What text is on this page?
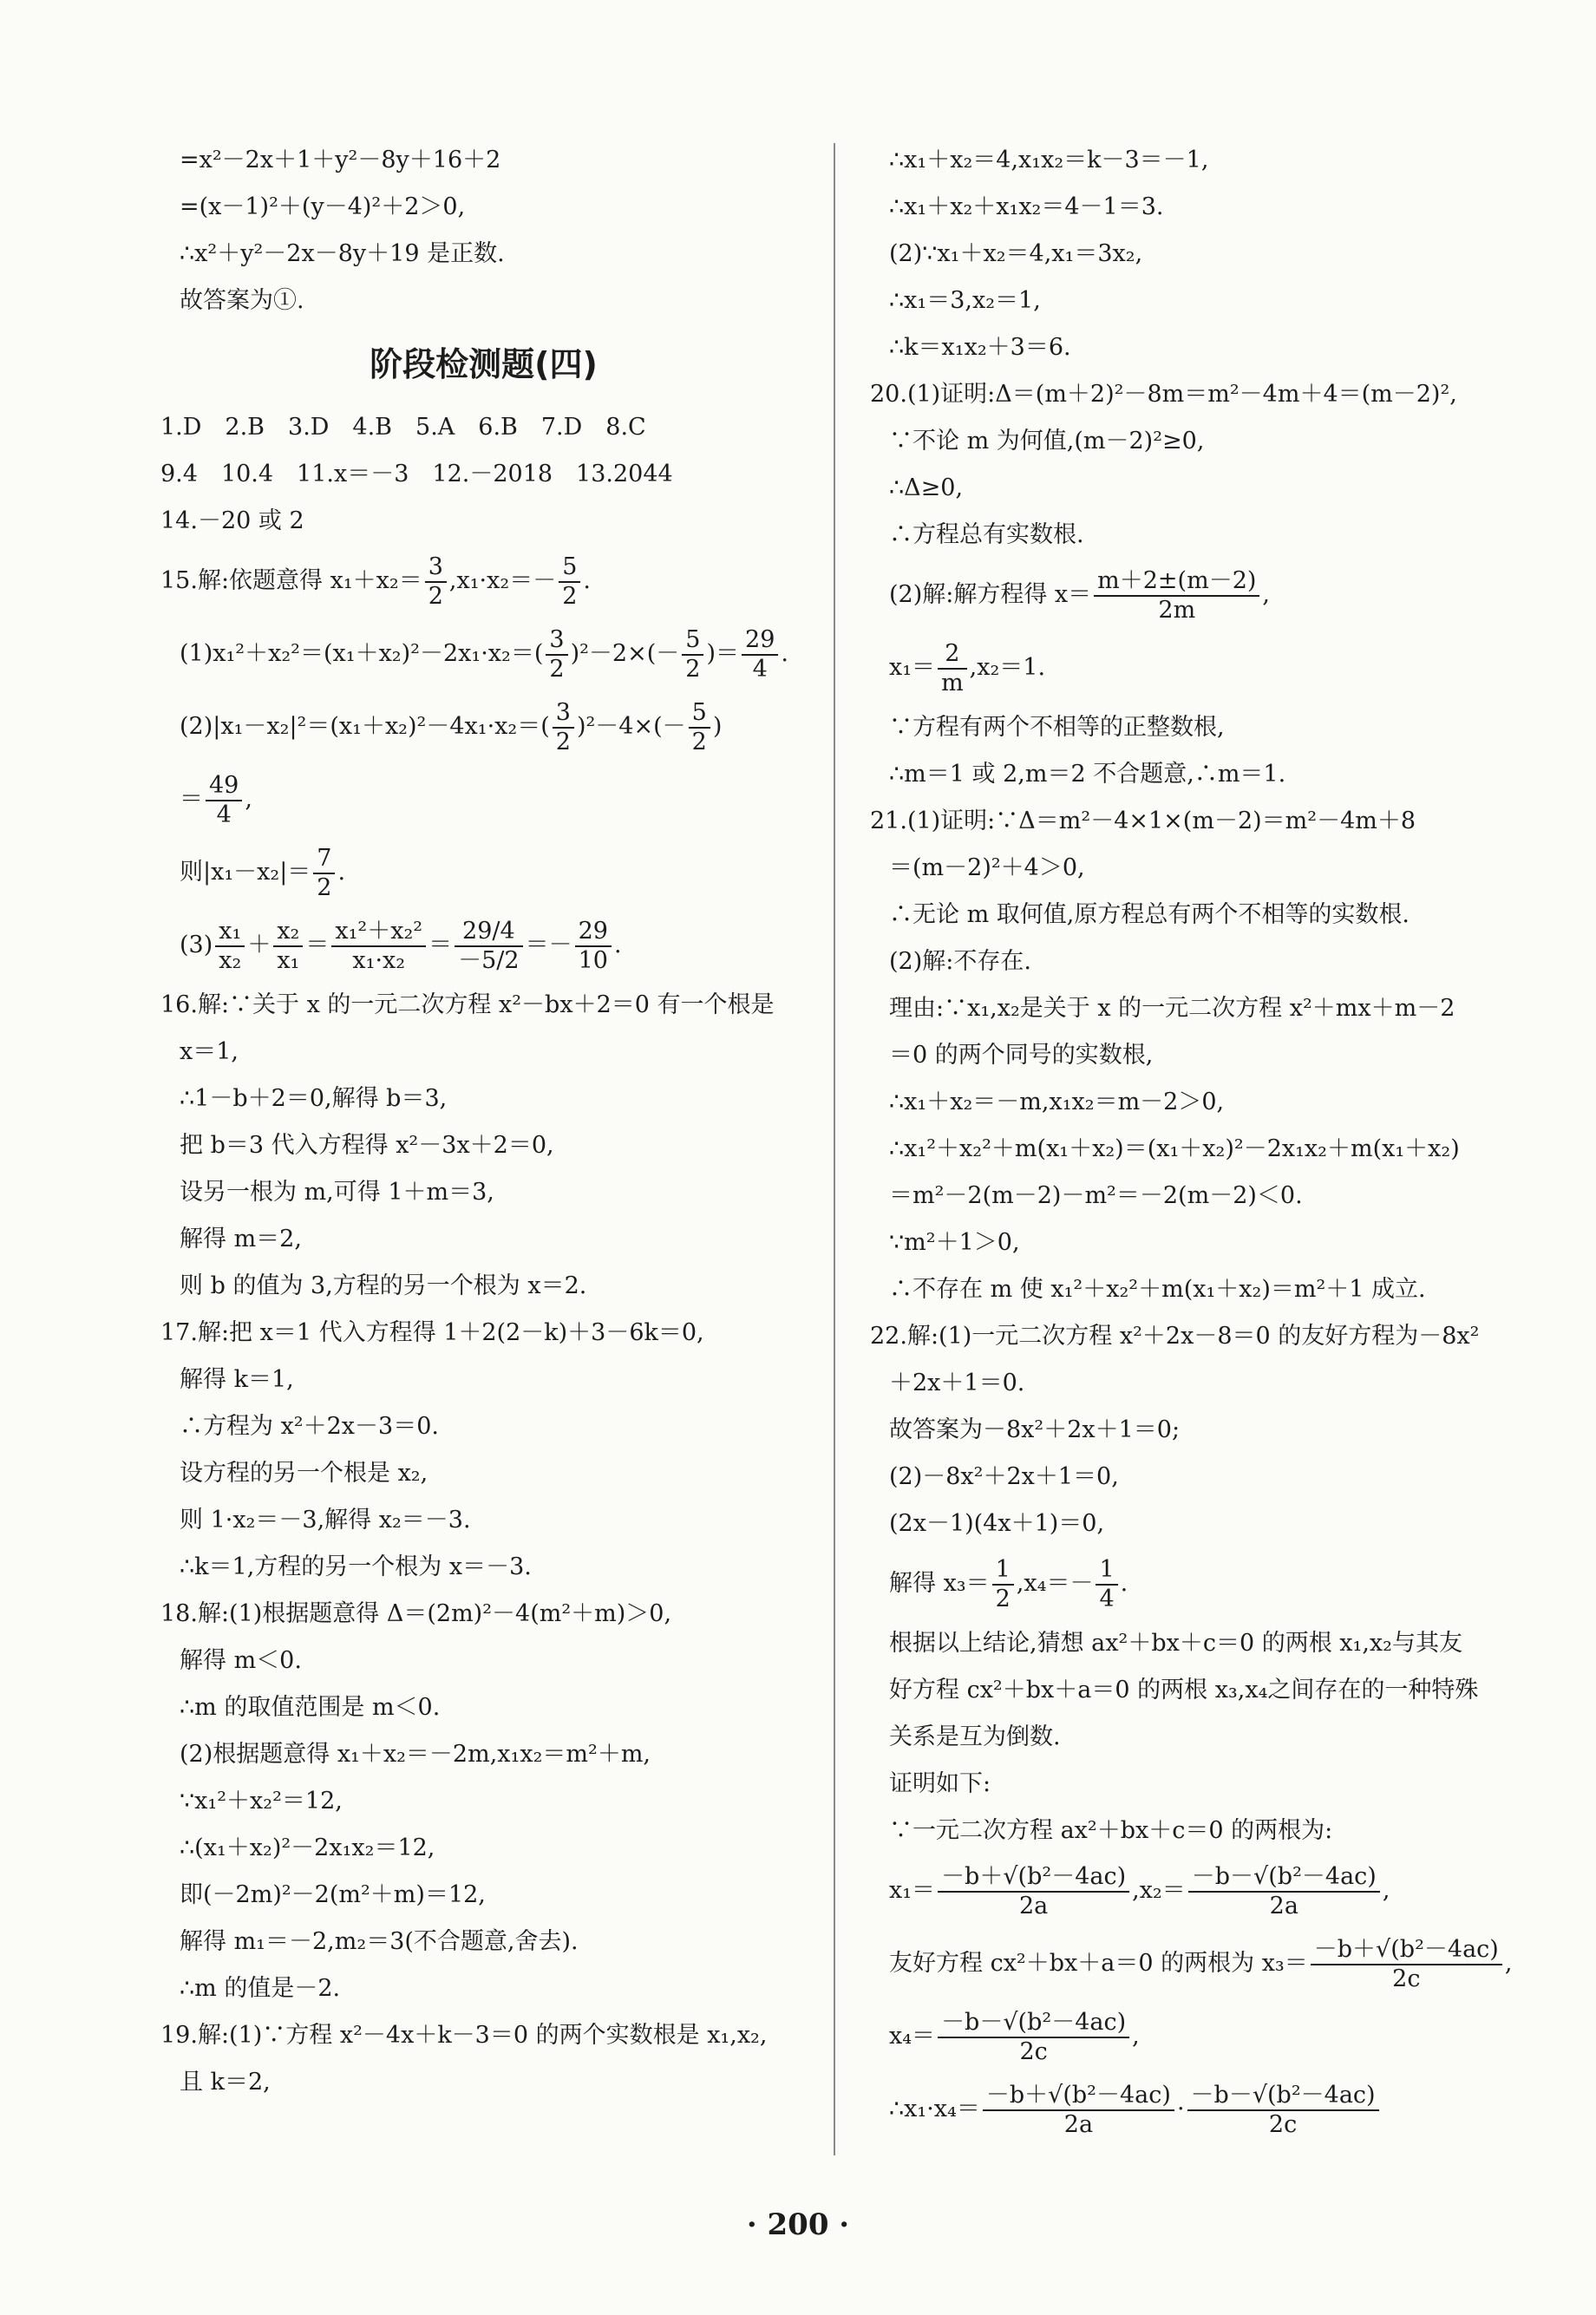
=x²－2x＋1＋y²－8y＋16＋2
=(x－1)²＋(y－4)²＋2＞0,
∴x²＋y²－2x－8y＋19 是正数.
故答案为①.
阶段检测题(四)
1.D　2.B　3.D　4.B　5.A　6.B　7.D　8.C
9.4　10.4　11.x＝－3　12.－2018　13.2044
14.－20 或 2
15.解:依题意得 $x_1+x_2= \frac{3}{2} ,x_1\cdot x_2=- \frac{5}{2}$ .
$(1)x_1^2+x_2^2=(x_1+x_2)^2-2x_1\cdot x_2=( \frac{3}{2} )^2-2\times(- \frac{5}{2}$ )＝ $\frac{29}{4}$ .
$(2)|x_1-x_2|^2=(x_1+x_2)^2-4x_1\cdot x_2=( \frac{3}{2} )^2-4\times(- \frac{5}{2}$ )
＝ $\frac{49}{4}$ ,
则$|x_1-x_2|= \frac{7}{2}$ .
$(3) \frac{\text{x₁}}{\text{x₂}} + \frac{\text{x₂}}{\text{x₁}} = \frac{\text{x₁²＋x₂²}}{\text{x₁·x₂}} = \frac{29/4}{-5/2} =- \frac{29}{10}$ .
16.解:∵关于 x 的一元二次方程 x²－bx＋2＝0 有一个根是
x＝1,
∴1－b＋2＝0,解得 b＝3,
把 b＝3 代入方程得 x²－3x＋2＝0,
设另一根为 m,可得 1＋m＝3,
解得 m＝2,
则 b 的值为 3,方程的另一个根为 x＝2.
17.解:把 x＝1 代入方程得 1＋2(2－k)＋3－6k＝0,
解得 k＝1,
∴方程为 x²＋2x－3＝0.
设方程的另一个根是 x₂,
则 1·x₂＝－3,解得 x₂＝－3.
∴k＝1,方程的另一个根为 x＝－3.
18.解:(1)根据题意得 Δ＝(2m)²－4(m²＋m)＞0,
解得 m＜0.
∴m 的取值范围是 m＜0.
(2)根据题意得 x₁＋x₂＝－2m,x₁x₂＝m²＋m,
∵x₁²＋x₂²＝12,
∴(x₁＋x₂)²－2x₁x₂＝12,
即(－2m)²－2(m²＋m)＝12,
解得 m₁＝－2,m₂＝3(不合题意,舍去).
∴m 的值是－2.
19.解:(1)∵方程 x²－4x＋k－3＝0 的两个实数根是 x₁,x₂,
且 k＝2,
∴x₁＋x₂＝4,x₁x₂＝k－3＝－1,
∴x₁＋x₂＋x₁x₂＝4－1＝3.
(2)∵x₁＋x₂＝4,x₁＝3x₂,
∴x₁＝3,x₂＝1,
∴k＝x₁x₂＋3＝6.
20.(1)证明:Δ＝(m＋2)²－8m＝m²－4m＋4＝(m－2)²,
∵不论 m 为何值,(m－2)²≥0,
∴Δ≥0,
∴方程总有实数根.
(2)解:解方程得 $x= \frac{m+2\pm(m-2)}{2m}$ ,
$x_1= \frac{2}{m} ,x_2=1$.
∵方程有两个不相等的正整数根,
∴m＝1 或 2,m＝2 不合题意,∴m＝1.
21.(1)证明:∵Δ＝m²－4×1×(m－2)＝m²－4m＋8
＝(m－2)²＋4＞0,
∴无论 m 取何值,原方程总有两个不相等的实数根.
(2)解:不存在.
理由:∵x₁,x₂是关于 x 的一元二次方程 x²＋mx＋m－2
＝0 的两个同号的实数根,
∴x₁＋x₂＝－m,x₁x₂＝m－2＞0,
∴x₁²＋x₂²＋m(x₁＋x₂)＝(x₁＋x₂)²－2x₁x₂＋m(x₁＋x₂)
＝m²－2(m－2)－m²＝－2(m－2)＜0.
∵m²＋1＞0,
∴不存在 m 使 x₁²＋x₂²＋m(x₁＋x₂)＝m²＋1 成立.
22.解:(1)一元二次方程 x²＋2x－8＝0 的友好方程为－8x²
＋2x＋1＝0.
故答案为－8x²＋2x＋1＝0;
(2)－8x²＋2x＋1＝0,
(2x－1)(4x＋1)＝0,
解得 $x_3= \frac{1}{2} ,x_4=- \frac{1}{4}$ .
根据以上结论,猜想 ax²＋bx＋c＝0 的两根 x₁,x₂与其友
好方程 cx²＋bx＋a＝0 的两根 x₃,x₄之间存在的一种特殊
关系是互为倒数.
证明如下:
∵一元二次方程 ax²＋bx＋c＝0 的两根为:
$x_1= \frac{\text{－b＋√(b²－4ac)}}{2a} ,x_2= \frac{\text{－b－√(b²－4ac)}}{2a}$ ,
友好方程 cx²＋bx＋a＝0 的两根为 $x_3= \frac{\text{－b＋√(b²－4ac)}}{2c}$ ,
$x_4= \frac{\text{－b－√(b²－4ac)}}{2c}$ ,
∴x₁·x₄＝ $\frac{\text{－b＋√(b²－4ac)}}{2a} \cdot \frac{\text{－b－√(b²－4ac)}}{2c}$
· 200 ·
